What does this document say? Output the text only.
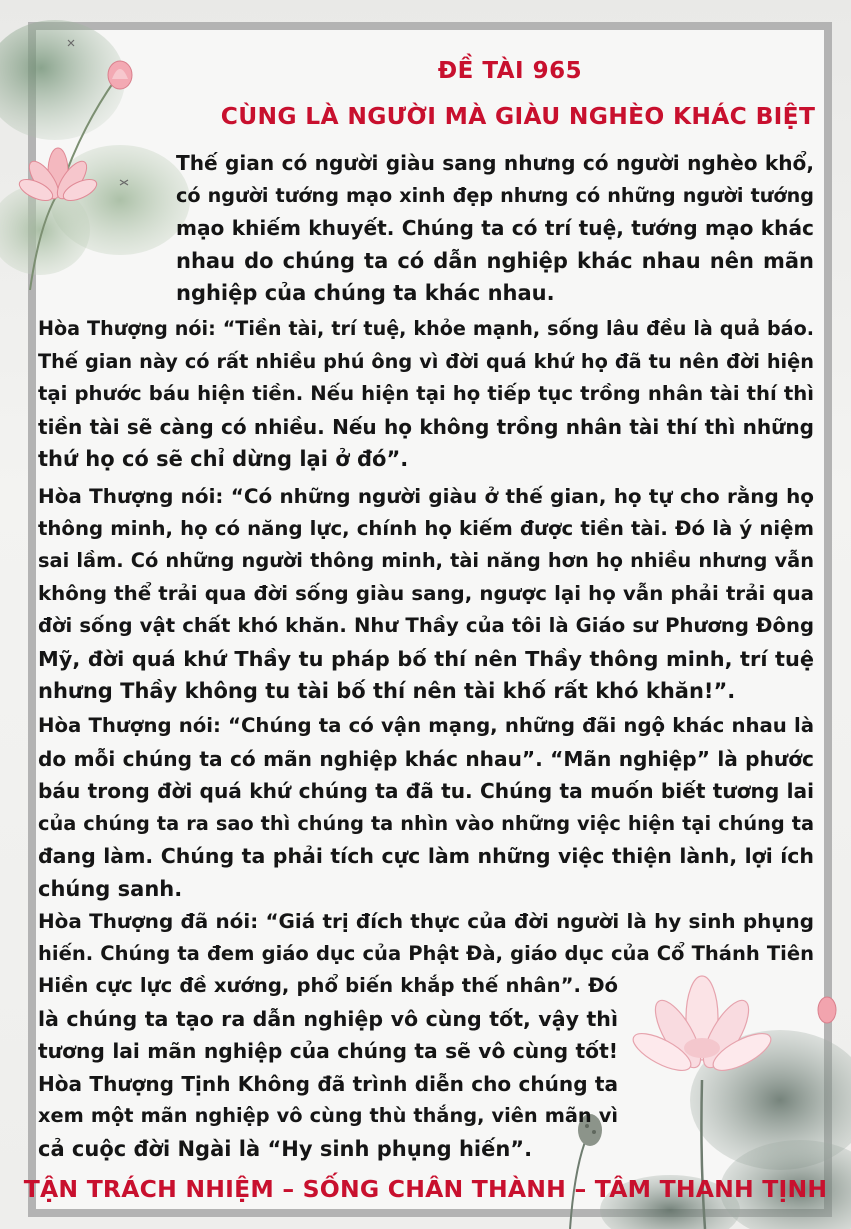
ĐỀ TÀI 965
CÙNG LÀ NGƯỜI MÀ GIÀU NGHÈO KHÁC BIỆT
Thế gian có người giàu sang nhưng có người nghèo khổ,
có người tướng mạo xinh đẹp nhưng có những người tướng
mạo khiếm khuyết. Chúng ta có trí tuệ, tướng mạo khác
nhau do chúng ta có dẫn nghiệp khác nhau nên mãn
nghiệp của chúng ta khác nhau.
Hòa Thượng nói: “Tiền tài, trí tuệ, khỏe mạnh, sống lâu đều là quả báo.
Thế gian này có rất nhiều phú ông vì đời quá khứ họ đã tu nên đời hiện
tại phước báu hiện tiền. Nếu hiện tại họ tiếp tục trồng nhân tài thí thì
tiền tài sẽ càng có nhiều. Nếu họ không trồng nhân tài thí thì những
thứ họ có sẽ chỉ dừng lại ở đó”.
Hòa Thượng nói: “Có những người giàu ở thế gian, họ tự cho rằng họ
thông minh, họ có năng lực, chính họ kiếm được tiền tài. Đó là ý niệm
sai lầm. Có những người thông minh, tài năng hơn họ nhiều nhưng vẫn
không thể trải qua đời sống giàu sang, ngược lại họ vẫn phải trải qua
đời sống vật chất khó khăn. Như Thầy của tôi là Giáo sư Phương Đông
Mỹ, đời quá khứ Thầy tu pháp bố thí nên Thầy thông minh, trí tuệ
nhưng Thầy không tu tài bố thí nên tài khố rất khó khăn!”.
Hòa Thượng nói: “Chúng ta có vận mạng, những đãi ngộ khác nhau là
do mỗi chúng ta có mãn nghiệp khác nhau”. “Mãn nghiệp” là phước
báu trong đời quá khứ chúng ta đã tu. Chúng ta muốn biết tương lai
của chúng ta ra sao thì chúng ta nhìn vào những việc hiện tại chúng ta
đang làm. Chúng ta phải tích cực làm những việc thiện lành, lợi ích
chúng sanh.
Hòa Thượng đã nói: “Giá trị đích thực của đời người là hy sinh phụng
hiến. Chúng ta đem giáo dục của Phật Đà, giáo dục của Cổ Thánh Tiên
Hiền cực lực đề xướng, phổ biến khắp thế nhân”. Đó
là chúng ta tạo ra dẫn nghiệp vô cùng tốt, vậy thì
tương lai mãn nghiệp của chúng ta sẽ vô cùng tốt!
Hòa Thượng Tịnh Không đã trình diễn cho chúng ta
xem một mãn nghiệp vô cùng thù thắng, viên mãn vì
cả cuộc đời Ngài là “Hy sinh phụng hiến”.
TẬN TRÁCH NHIỆM – SỐNG CHÂN THÀNH – TÂM THANH TỊNH
